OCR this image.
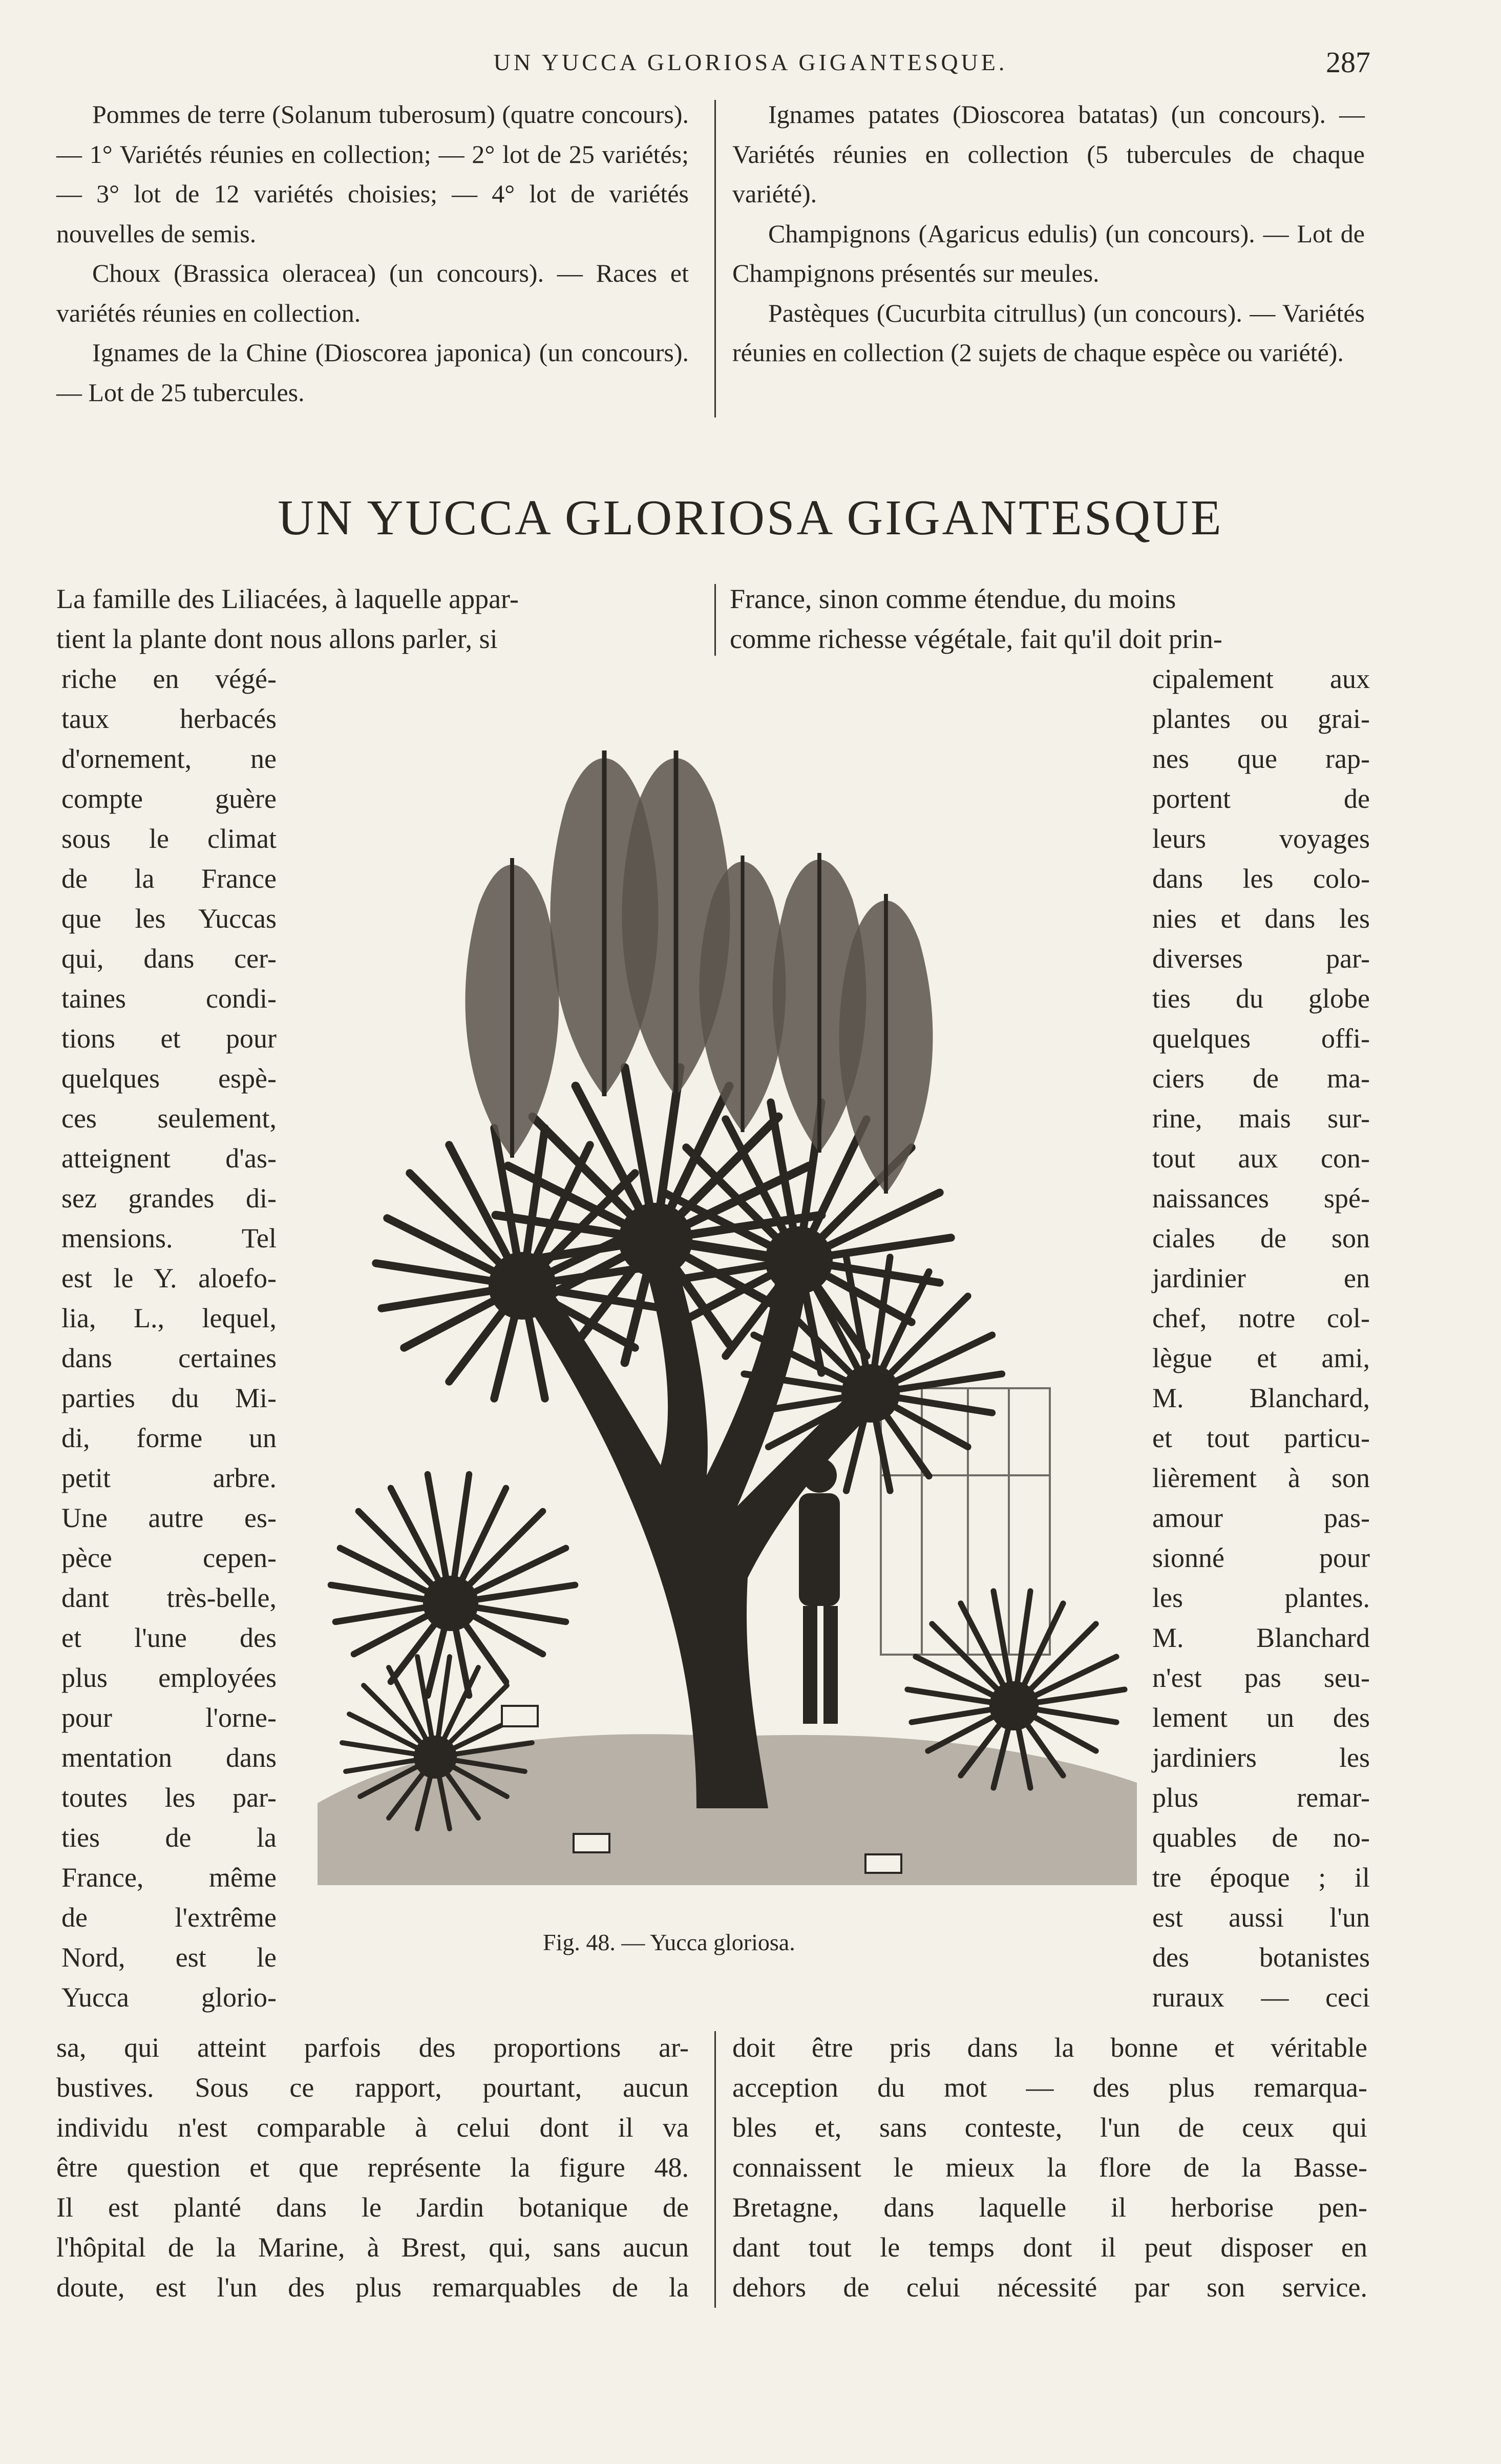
UN YUCCA GLORIOSA GIGANTESQUE.	287

Pommes de terre (Solanum tuberosum) (quatre concours). — 1° Variétés réunies en collection; — 2° lot de 25 variétés; — 3° lot de 12 variétés choisies; — 4° lot de variétés nouvelles de semis.

Choux (Brassica oleracea) (un concours). — Races et variétés réunies en collection.

Ignames de la Chine (Dioscorea japonica) (un concours). — Lot de 25 tubercules.

Ignames patates (Dioscorea batatas) (un concours). — Variétés réunies en collection (5 tubercules de chaque variété).

Champignons (Agaricus edulis) (un concours). — Lot de Champignons présentés sur meules.

Pastèques (Cucurbita citrullus) (un concours). — Variétés réunies en collection (2 sujets de chaque espèce ou variété).

UN YUCCA GLORIOSA GIGANTESQUE
La famille des Liliacées, à laquelle appar-
tient la plante dont nous allons parler, si
riche en végé-
taux herbacés
d'ornement, ne
compte guère
sous le climat
de la France
que les Yuccas
qui, dans cer-
taines condi-
tions et pour
quelques espè-
ces seulement,
atteignent d'as-
sez grandes di-
mensions. Tel
est le Y. aloefo-
lia, L., lequel,
dans certaines
parties du Mi-
di, forme un
petit arbre.
Une autre es-
pèce cepen-
dant très-belle,
et l'une des
plus employées
pour l'orne-
mentation dans
toutes les par-
ties de la
France, même
de l'extrême
Nord, est le
Yucca glorio-
sa, qui atteint parfois des proportions ar-
bustives. Sous ce rapport, pourtant, aucun
individu n'est comparable à celui dont il va
être question et que représente la figure 48.
Il est planté dans le Jardin botanique de
l'hôpital de la Marine, à Brest, qui, sans aucun
doute, est l'un des plus remarquables de la
France, sinon comme étendue, du moins
comme richesse végétale, fait qu'il doit prin-
cipalement aux
plantes ou grai-
nes que rap-
portent de
leurs voyages
dans les colo-
nies et dans les
diverses par-
ties du globe
quelques offi-
ciers de ma-
rine, mais sur-
tout aux con-
naissances spé-
ciales de son
jardinier en
chef, notre col-
lègue et ami,
M. Blanchard,
et tout particu-
lièrement à son
amour pas-
sionné pour
les plantes.
M. Blanchard
n'est pas seu-
lement un des
jardiniers les
plus remar-
quables de no-
tre époque ; il
est aussi l'un
des botanistes
ruraux — ceci
doit être pris dans la bonne et véritable
acception du mot — des plus remarqua-
bles et, sans conteste, l'un de ceux qui
connaissent le mieux la flore de la Basse-
Bretagne, dans laquelle il herborise pen-
dant tout le temps dont il peut disposer en
dehors de celui nécessité par son service.
Fig. 48. — Yucca gloriosa.
